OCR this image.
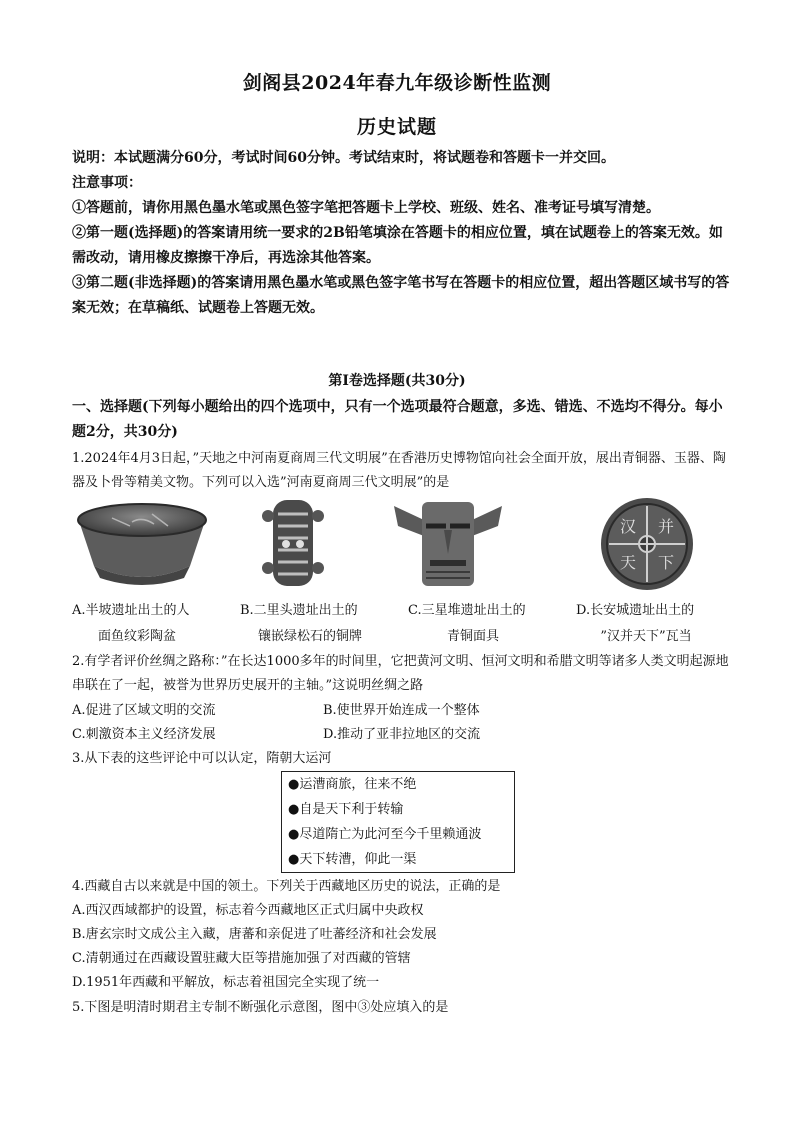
剑阁县2024年春九年级诊断性监测
历史试题

说明：本试题满分60分，考试时间60分钟。考试结束时，将试题卷和答题卡一并交回。

注意事项：

①答题前，请你用黑色墨水笔或黑色签字笔把答题卡上学校、班级、姓名、准考证号填写清楚。

②第一题(选择题)的答案请用统一要求的2B铅笔填涂在答题卡的相应位置，填在试题卷上的答案无效。如需改动，请用橡皮擦擦干净后，再选涂其他答案。

③第二题(非选择题)的答案请用黑色墨水笔或黑色签字笔书写在答题卡的相应位置，超出答题区域书写的答案无效；在草稿纸、试题卷上答题无效。

第Ⅰ卷选择题(共30分)
一、选择题(下列每小题给出的四个选项中，只有一个选项最符合题意，多选、错选、不选均不得分。每小题2分，共30分)
1.2024年4月3日起，”天地之中河南夏商周三代文明展”在香港历史博物馆向社会全面开放，展出青铜器、玉器、陶器及卜骨等精美文物。下列可以入选”河南夏商周三代文明展”的是
汉 并
天 下
A.半坡遗址出土的人
面鱼纹彩陶盆
B.二里头遗址出土的
镶嵌绿松石的铜牌
C.三星堆遗址出土的
青铜面具
D.长安城遗址出土的
”汉并天下”瓦当
2.有学者评价丝绸之路称：”在长达1000多年的时间里，它把黄河文明、恒河文明和希腊文明等诸多人类文明起源地串联在了一起，被誉为世界历史展开的主轴。”这说明丝绸之路
A.促进了区域文明的交流	B.使世界开始连成一个整体
C.刺激资本主义经济发展	D.推动了亚非拉地区的交流
3.从下表的这些评论中可以认定，隋朝大运河
●运漕商旅，往来不绝
●自是天下利于转输
●尽道隋亡为此河至今千里赖通波
●天下转漕，仰此一渠
4.西藏自古以来就是中国的领土。下列关于西藏地区历史的说法，正确的是
A.西汉西域都护的设置，标志着今西藏地区正式归属中央政权
B.唐玄宗时文成公主入藏，唐蕃和亲促进了吐蕃经济和社会发展
C.清朝通过在西藏设置驻藏大臣等措施加强了对西藏的管辖
D.1951年西藏和平解放，标志着祖国完全实现了统一
5.下图是明清时期君主专制不断强化示意图，图中③处应填入的是
